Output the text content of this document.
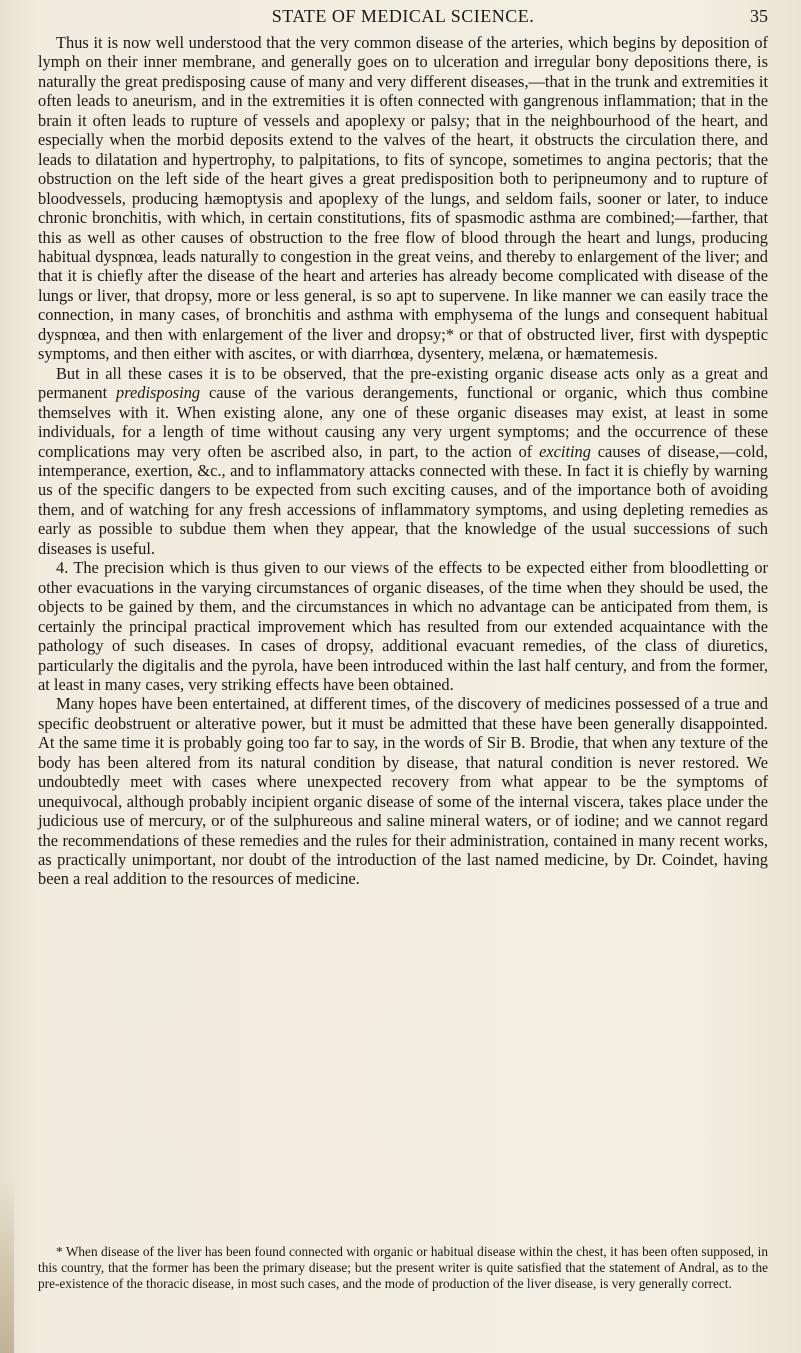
STATE OF MEDICAL SCIENCE.	35

Thus it is now well understood that the very common disease of the arteries, which begins by deposition of lymph on their inner membrane, and generally goes on to ulceration and irregular bony depositions there, is naturally the great predisposing cause of many and very different diseases,—that in the trunk and extremities it often leads to aneurism, and in the extremities it is often connected with gangrenous inflammation; that in the brain it often leads to rupture of vessels and apoplexy or palsy; that in the neighbourhood of the heart, and especially when the morbid deposits extend to the valves of the heart, it obstructs the circulation there, and leads to dilatation and hypertrophy, to palpitations, to fits of syncope, sometimes to angina pectoris; that the obstruction on the left side of the heart gives a great predisposition both to peripneumony and to rupture of bloodvessels, producing hæmoptysis and apoplexy of the lungs, and seldom fails, sooner or later, to induce chronic bronchitis, with which, in certain constitutions, fits of spasmodic asthma are combined;—farther, that this as well as other causes of obstruction to the free flow of blood through the heart and lungs, producing habitual dyspnœa, leads naturally to congestion in the great veins, and thereby to enlargement of the liver; and that it is chiefly after the disease of the heart and arteries has already become complicated with disease of the lungs or liver, that dropsy, more or less general, is so apt to supervene. In like manner we can easily trace the connection, in many cases, of bronchitis and asthma with emphysema of the lungs and consequent habitual dyspnœa, and then with enlargement of the liver and dropsy;* or that of obstructed liver, first with dyspeptic symptoms, and then either with ascites, or with diarrhœa, dysentery, melæna, or hæmatemesis.

But in all these cases it is to be observed, that the pre-existing organic disease acts only as a great and permanent predisposing cause of the various derangements, functional or organic, which thus combine themselves with it. When existing alone, any one of these organic diseases may exist, at least in some individuals, for a length of time without causing any very urgent symptoms; and the occurrence of these complications may very often be ascribed also, in part, to the action of exciting causes of disease,—cold, intemperance, exertion, &c., and to inflammatory attacks connected with these. In fact it is chiefly by warning us of the specific dangers to be expected from such exciting causes, and of the importance both of avoiding them, and of watching for any fresh accessions of inflammatory symptoms, and using depleting remedies as early as possible to subdue them when they appear, that the knowledge of the usual successions of such diseases is useful.

4. The precision which is thus given to our views of the effects to be expected either from bloodletting or other evacuations in the varying circumstances of organic diseases, of the time when they should be used, the objects to be gained by them, and the circumstances in which no advantage can be anticipated from them, is certainly the principal practical improvement which has resulted from our extended acquaintance with the pathology of such diseases. In cases of dropsy, additional evacuant remedies, of the class of diuretics, particularly the digitalis and the pyrola, have been introduced within the last half century, and from the former, at least in many cases, very striking effects have been obtained.

Many hopes have been entertained, at different times, of the discovery of medicines possessed of a true and specific deobstruent or alterative power, but it must be admitted that these have been generally disappointed. At the same time it is probably going too far to say, in the words of Sir B. Brodie, that when any texture of the body has been altered from its natural condition by disease, that natural condition is never restored. We undoubtedly meet with cases where unexpected recovery from what appear to be the symptoms of unequivocal, although probably incipient organic disease of some of the internal viscera, takes place under the judicious use of mercury, or of the sulphureous and saline mineral waters, or of iodine; and we cannot regard the recommendations of these remedies and the rules for their administration, contained in many recent works, as practically unimportant, nor doubt of the introduction of the last named medicine, by Dr. Coindet, having been a real addition to the resources of medicine.

* When disease of the liver has been found connected with organic or habitual disease within the chest, it has been often supposed, in this country, that the former has been the primary disease; but the present writer is quite satisfied that the statement of Andral, as to the pre-existence of the thoracic disease, in most such cases, and the mode of production of the liver disease, is very generally correct.
